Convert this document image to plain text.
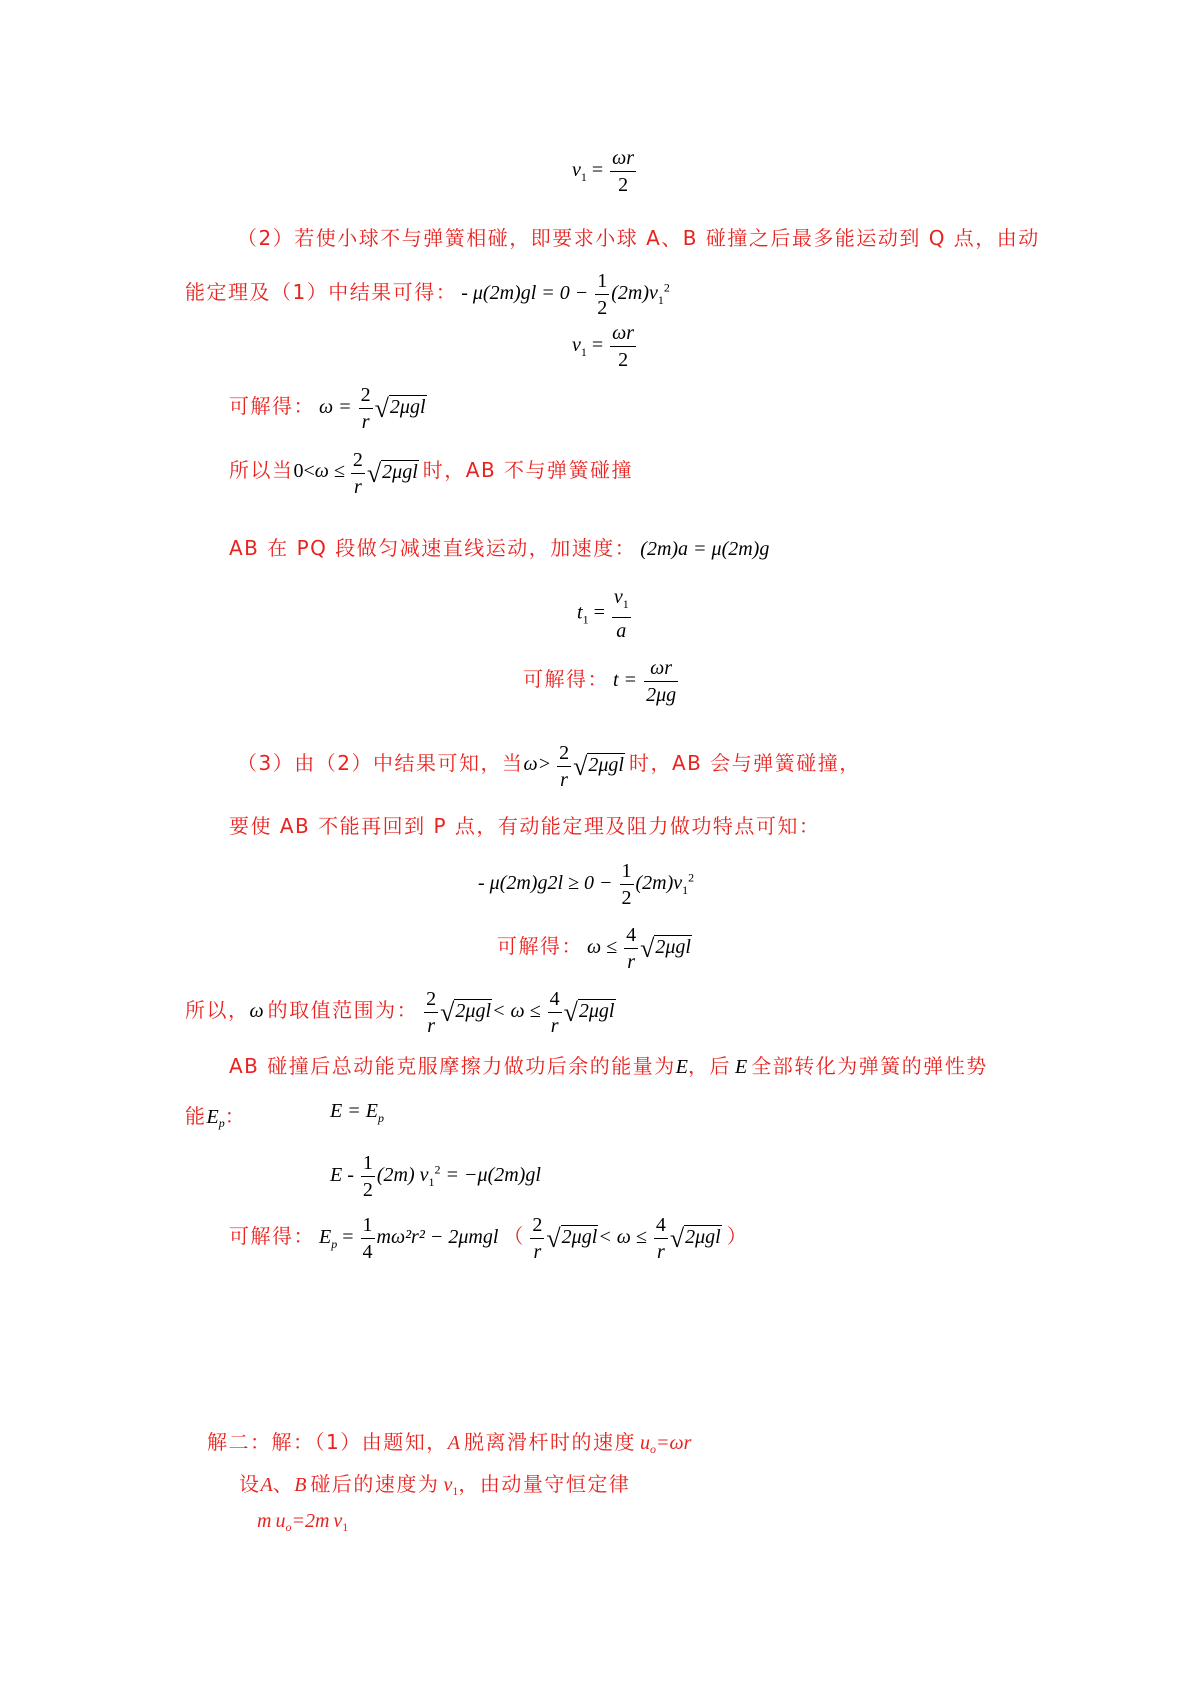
$v_1 = \frac{\omega r}{2}$
（2）若使小球不与弹簧相碰，即要求小球 A、B 碰撞之后最多能运动到 Q 点，由动
能定理及（1）中结果可得： - $\mu(2m)gl = 0 - \frac{1}{2} (2m)v_1^2$
$v_1 = \frac{\omega r}{2}$
可解得： $\omega = \frac{2}{r} √2\mu gl$
所以当$0<\omega \le \frac{2}{r} √2\mu gl$ 时，AB 不与弹簧碰撞
AB 在 PQ 段做匀减速直线运动，加速度： (2m)a = μ(2m)g
$t_1 = \frac{v_1}{a}$
可解得： $t = \frac{\omega r}{2\mu g}$
（3）由（2）中结果可知，当$\omega> \frac{2}{r} √2\mu gl$ 时，AB 会与弹簧碰撞，
要使 AB 不能再回到 P 点，有动能定理及阻力做功特点可知：
- $\mu(2m)g2l \ge 0 - \frac{1}{2} (2m)v_1^2$
可解得： $\omega \le \frac{4}{r} √2\mu gl$
所以，ω 的取值范围为： $\frac{2}{r} √2\mu gl< \omega \le \frac{4}{r} √2\mu gl$
AB 碰撞后总动能克服摩擦力做功后余的能量为E，后 E 全部转化为弹簧的弹性势
能$E_p$：	$E = E_p$
$E - \frac{1}{2} (2m) v_1^2 = -\mu(2m)gl$
可解得： $E_p = \frac{1}{4} m\omega^2r^2 - 2\mu mgl$ （ $\frac{2}{r} √2\mu gl< \omega \le \frac{4}{r} √2\mu gl$ ）
解二：解：（1）由题知，A 脱离滑杆时的速度 $u_o=\omega r$
设A、B 碰后的速度为 $v_1$，由动量守恒定律
m $u_o=2m$ $v_1$
